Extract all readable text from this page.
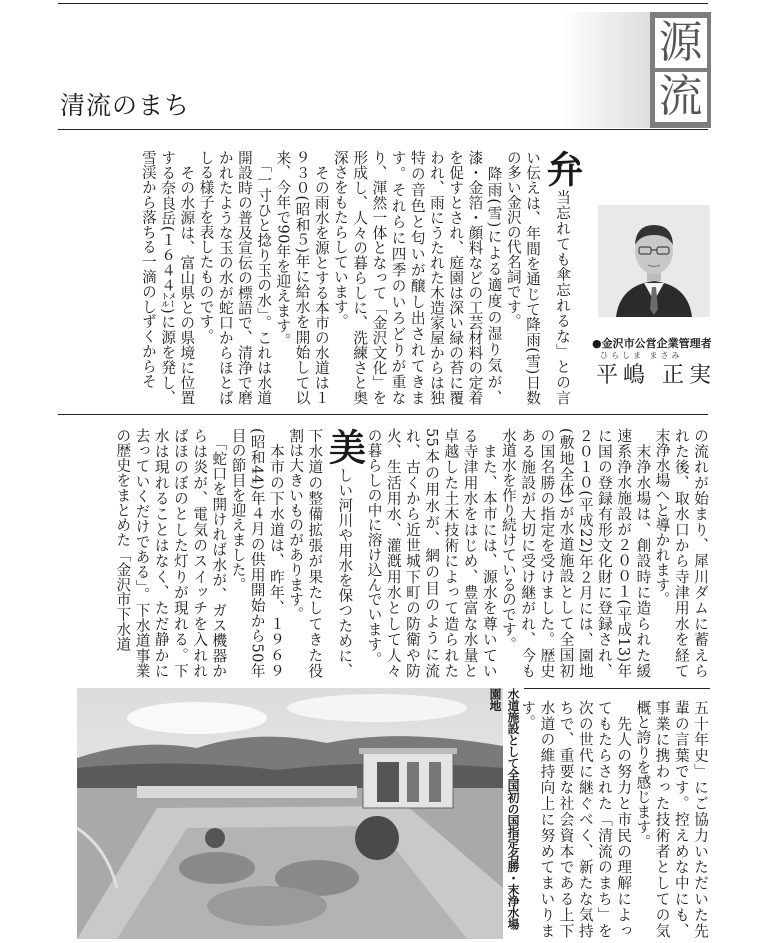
源
流
清流のまち
弁当忘れても傘忘れるな」との言い伝えは、年間を通じて降雨(雪)日数の多い金沢の代名詞です。
　降雨(雪)による適度の湿り気が、漆・金箔・顔料などの工芸材料の定着を促すとされ、庭園は深い緑の苔に覆われ、雨にうたれた木造家屋からは独特の音色と匂いが醸し出されてきます。それらに四季のいろどりが重なり、渾然一体となって「金沢文化」を形成し、人々の暮らしに、洗練さと奥深さをもたらしています。
　その雨水を源とする本市の水道は１９３０(昭和５)年に給水を開始して以来、今年で90年を迎えます。
　「一寸ひと捻り玉の水」。これは水道開設時の普及宣伝の標語で、清浄で磨かれたような玉の水が蛇口からほとばしる様子を表したものです。
　その水源は、富山県との県境に位置する奈良岳(１６４４㍍)に源を発し、雪渓から落ちる一滴のしずくからそ	●金沢市公営企業管理者
ひらしま まさみ
平嶋 正実
の流れが始まり、犀川ダムに蓄えられた後、取水口から寺津用水を経て末浄水場へと導かれます。
　末浄水場は、創設時に造られた緩速系浄水施設が２００１(平成13)年に国の登録有形文化財に登録され、２０１０(平成22)年２月には、園地(敷地全体)が水道施設として全国初の国名勝の指定を受けました。歴史ある施設が大切に受け継がれ、今も水道水を作り続けているのです。
　また、本市には、源水を尊いている寺津用水をはじめ、豊富な水量と卓越した土木技術によって造られた55本の用水が、網の目のように流れ、古くから近世城下町の防衛や防火、生活用水、灌漑用水として人々の暮らしの中に溶け込んでいます。
美しい河川や用水を保つために、下水道の整備拡張が果たしてきた役割は大きいものがあります。
　本市の下水道は、昨年、１９６９(昭和44)年４月の供用開始から50年目の節目を迎えました。
　「蛇口を開ければ水が、ガス機器からは炎が、電気のスイッチを入れればほのぼのとした灯りが現れる。下水は現れることはなく、ただ静かに去っていくだけである」。下水道事業の歴史をまとめた「金沢市下水道
五十年史」にご協力いただいた先輩の言葉です。控えめな中にも、事業に携わった技術者としての気概と誇りを感じます。
　先人の努力と市民の理解によってもたらされた「清流のまち」を次の世代に継ぐべく、新たな気持ちで、重要な社会資本である上下水道の維持向上に努めてまいります。
水道施設として全国初の国指定名勝・末浄水場園地
